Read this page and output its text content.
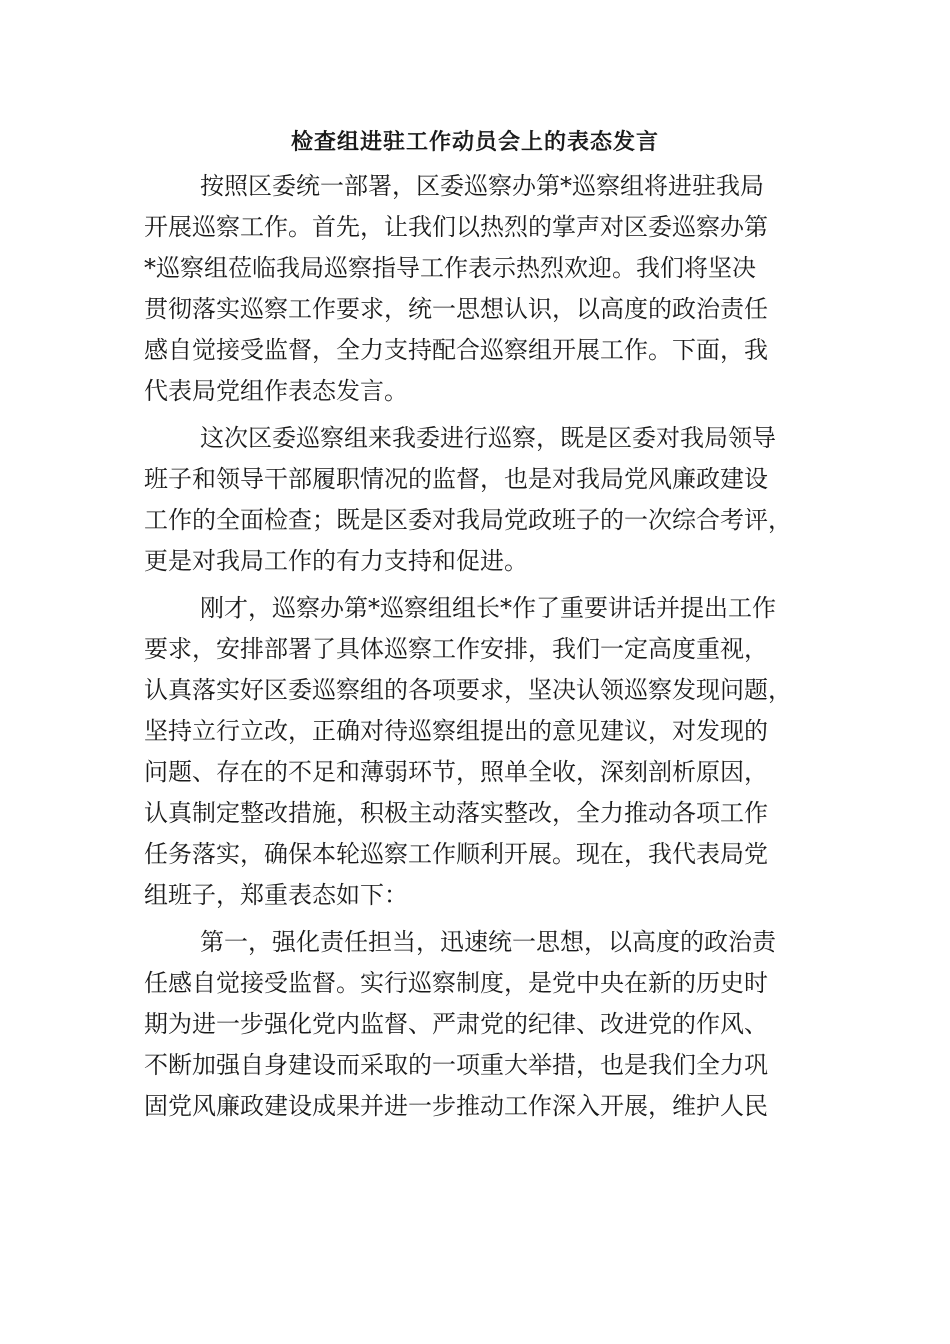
检查组进驻工作动员会上的表态发言
按照区委统一部署，区委巡察办第*巡察组将进驻我局
开展巡察工作。首先，让我们以热烈的掌声对区委巡察办第
*巡察组莅临我局巡察指导工作表示热烈欢迎。我们将坚决
贯彻落实巡察工作要求，统一思想认识，以高度的政治责任
感自觉接受监督，全力支持配合巡察组开展工作。下面，我
代表局党组作表态发言。
这次区委巡察组来我委进行巡察，既是区委对我局领导
班子和领导干部履职情况的监督，也是对我局党风廉政建设
工作的全面检查；既是区委对我局党政班子的一次综合考评，
更是对我局工作的有力支持和促进。
刚才，巡察办第*巡察组组长*作了重要讲话并提出工作
要求，安排部署了具体巡察工作安排，我们一定高度重视，
认真落实好区委巡察组的各项要求，坚决认领巡察发现问题，
坚持立行立改，正确对待巡察组提出的意见建议，对发现的
问题、存在的不足和薄弱环节，照单全收，深刻剖析原因，
认真制定整改措施，积极主动落实整改，全力推动各项工作
任务落实，确保本轮巡察工作顺利开展。现在，我代表局党
组班子，郑重表态如下：
第一，强化责任担当，迅速统一思想，以高度的政治责
任感自觉接受监督。实行巡察制度，是党中央在新的历史时
期为进一步强化党内监督、严肃党的纪律、改进党的作风、
不断加强自身建设而采取的一项重大举措，也是我们全力巩
固党风廉政建设成果并进一步推动工作深入开展，维护人民
